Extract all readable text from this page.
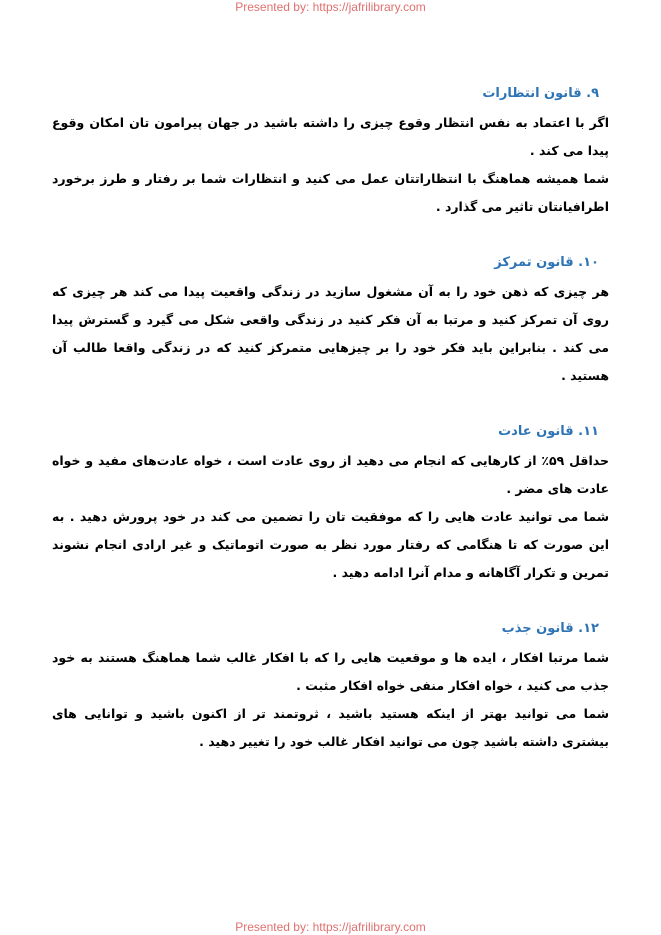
Presented by: https://jafrilibrary.com
۹. قانون انتظارات

اگر با اعتماد به نفس انتظار وقوع چیزی را داشته باشید در جهان پیرامون تان امکان وقوع پیدا می کند .

شما همیشه هماهنگ با انتظاراتتان عمل می کنید و انتظارات شما بر رفتار و طرز برخورد اطرافیانتان تاثیر می گذارد .

۱۰. قانون تمرکز

هر چیزی که ذهن خود را به آن مشغول سازید در زندگی واقعیت پیدا می کند هر چیزی که روی آن تمرکز کنید و مرتبا به آن فکر کنید در زندگی واقعی شکل می گیرد و گسترش پیدا می کند . بنابراین باید فکر خود را بر چیزهایی متمرکز کنید که در زندگی واقعا طالب آن هستید .

۱۱. قانون عادت

حداقل ۵۹٪ از کارهایی که انجام می دهید از روی عادت است ، خواه عادت‌های مفید و خواه عادت های مضر .

شما می توانید عادت هایی را که موفقیت تان را تضمین می کند در خود پرورش دهید . به این صورت که تا هنگامی که رفتار مورد نظر به صورت اتوماتیک و غیر ارادی انجام نشوند تمرین و تکرار آگاهانه و مدام آنرا ادامه دهید .

۱۲. قانون جذب

شما مرتبا افکار ، ایده ها و موقعیت هایی را که با افکار غالب شما هماهنگ هستند به خود جذب می کنید ، خواه افکار منفی خواه افکار مثبت .

شما می توانید بهتر از اینکه هستید باشید ، ثروتمند تر از اکنون باشید و توانایی های بیشتری داشته باشید چون می توانید افکار غالب خود را تغییر دهید .

Presented by: https://jafrilibrary.com
